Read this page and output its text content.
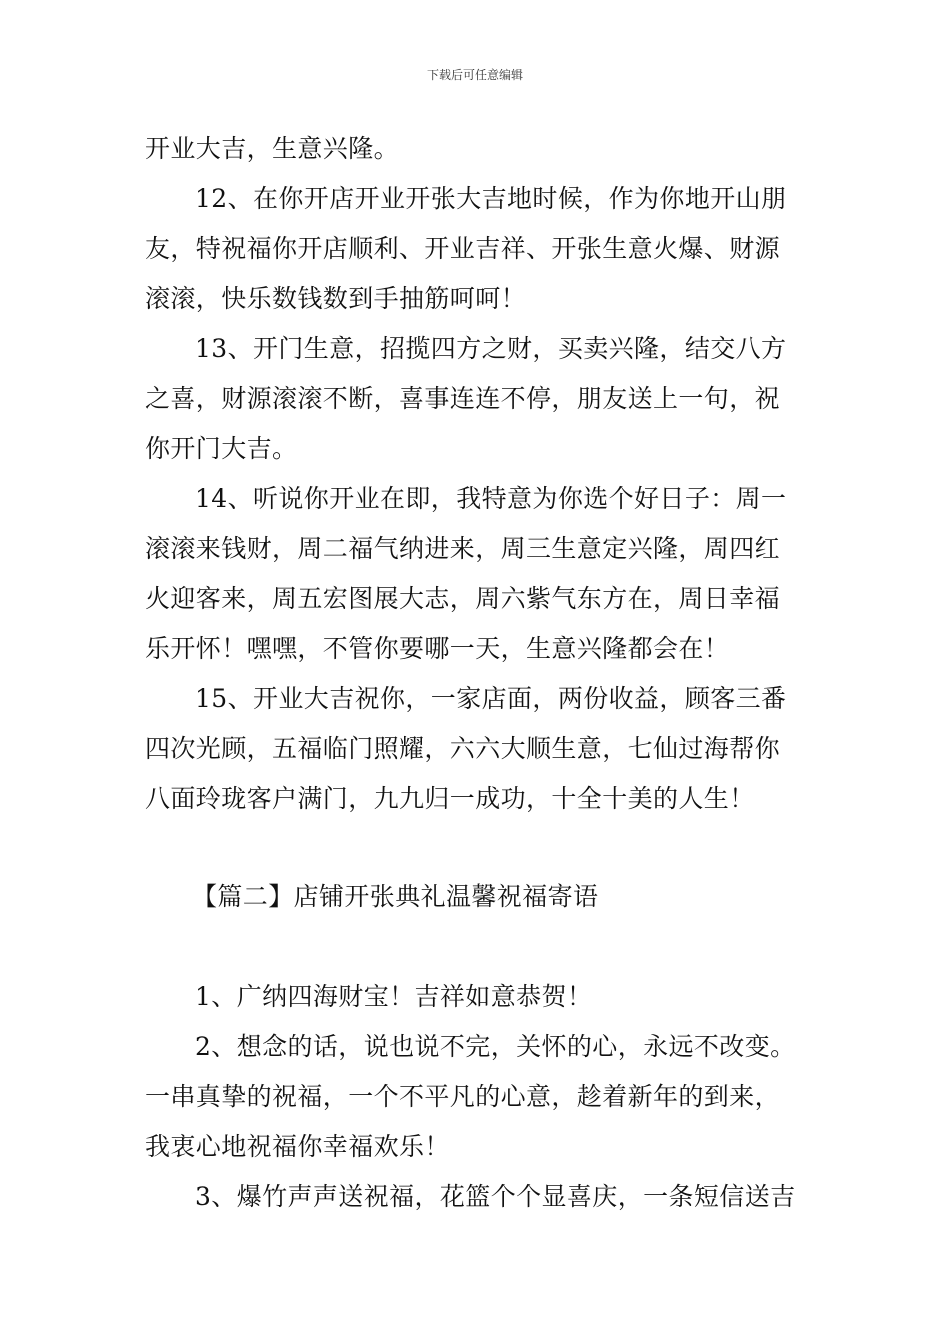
下载后可任意编辑
开业大吉，生意兴隆。
12、在你开店开业开张大吉地时候，作为你地开山朋
友，特祝福你开店顺利、开业吉祥、开张生意火爆、财源
滚滚，快乐数钱数到手抽筋呵呵！
13、开门生意，招揽四方之财，买卖兴隆，结交八方
之喜，财源滚滚不断，喜事连连不停，朋友送上一句，祝
你开门大吉。
14、听说你开业在即，我特意为你选个好日子：周一
滚滚来钱财，周二福气纳进来，周三生意定兴隆，周四红
火迎客来，周五宏图展大志，周六紫气东方在，周日幸福
乐开怀！嘿嘿，不管你要哪一天，生意兴隆都会在！
15、开业大吉祝你，一家店面，两份收益，顾客三番
四次光顾，五福临门照耀，六六大顺生意，七仙过海帮你
八面玲珑客户满门，九九归一成功，十全十美的人生！
【篇二】店铺开张典礼温馨祝福寄语
1、广纳四海财宝！吉祥如意恭贺！
2、想念的话，说也说不完，关怀的心，永远不改变。
一串真挚的祝福，一个不平凡的心意，趁着新年的到来，
我衷心地祝福你幸福欢乐！
3、爆竹声声送祝福，花篮个个显喜庆，一条短信送吉
